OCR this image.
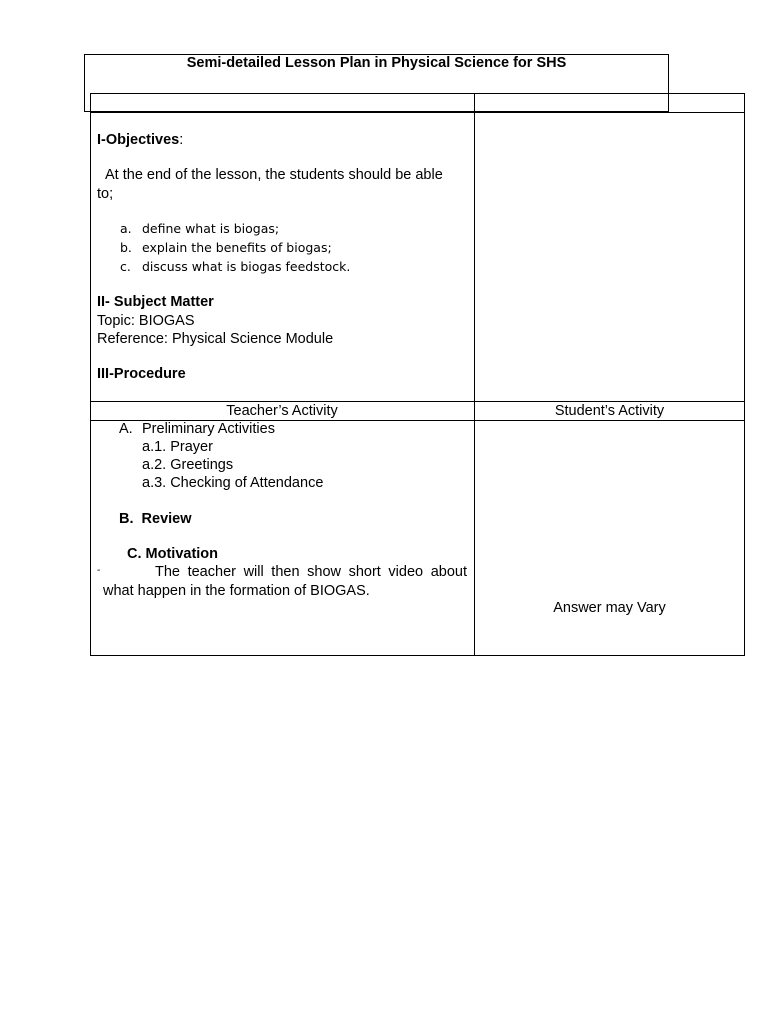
Semi-detailed Lesson Plan in Physical Science for SHS
I-Objectives:
At the end of the lesson, the students should be able
to;
a. define what is biogas;
b. explain the benefits of biogas;
c. discuss what is biogas feedstock.
II- Subject Matter
Topic: BIOGAS
Reference: Physical Science Module
III-Procedure
Teacher’s Activity	Student’s Activity
A. Preliminary Activities
a.1. Prayer
a.2. Greetings
a.3. Checking of Attendance
B.  Review
C. Motivation
-	The teacher will then show short video about
what happen in the formation of BIOGAS.
Answer may Vary
